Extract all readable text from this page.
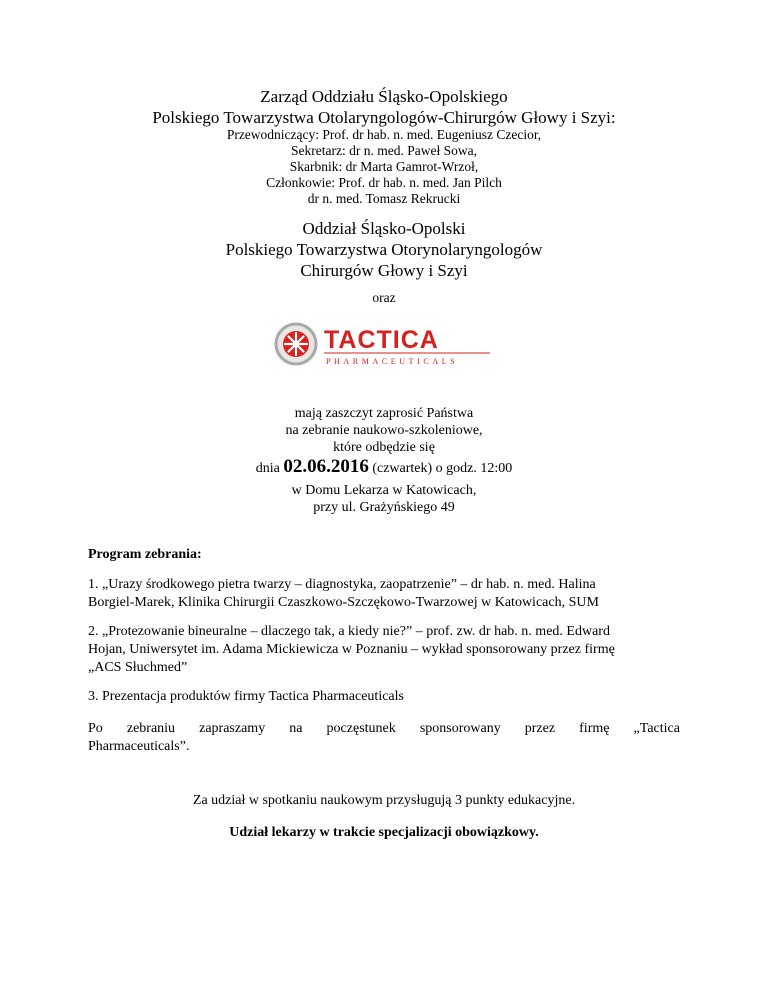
Zarząd Oddziału Śląsko-Opolskiego
Polskiego Towarzystwa Otolaryngologów-Chirurgów Głowy i Szyi:
Przewodniczący: Prof. dr hab. n. med. Eugeniusz Czecior,
Sekretarz: dr n. med. Paweł Sowa,
Skarbnik: dr Marta Gamrot-Wrzoł,
Członkowie: Prof. dr hab. n. med. Jan Pilch
dr n. med. Tomasz Rekrucki
Oddział Śląsko-Opolski
Polskiego Towarzystwa Otorynolaryngologów
Chirurgów Głowy i Szyi
oraz
TACTICA
PHARMACEUTICALS
mają zaszczyt zaprosić Państwa
na zebranie naukowo-szkoleniowe,
które odbędzie się
dnia 02.06.2016 (czwartek) o godz. 12:00
w Domu Lekarza w Katowicach,
przy ul. Grażyńskiego 49
Program zebrania:
1. „Urazy środkowego pietra twarzy – diagnostyka, zaopatrzenie” – dr hab. n. med. Halina
Borgiel-Marek, Klinika Chirurgii Czaszkowo-Szczękowo-Twarzowej w Katowicach, SUM
2. „Protezowanie bineuralne – dlaczego tak, a kiedy nie?” – prof. zw. dr hab. n. med. Edward
Hojan, Uniwersytet im. Adama Mickiewicza w Poznaniu – wykład sponsorowany przez firmę
„ACS Słuchmed”
3. Prezentacja produktów firmy Tactica Pharmaceuticals
Po zebraniu zapraszamy na poczęstunek sponsorowany przez firmę „Tactica
Pharmaceuticals”.
Za udział w spotkaniu naukowym przysługują 3 punkty edukacyjne.
Udział lekarzy w trakcie specjalizacji obowiązkowy.
